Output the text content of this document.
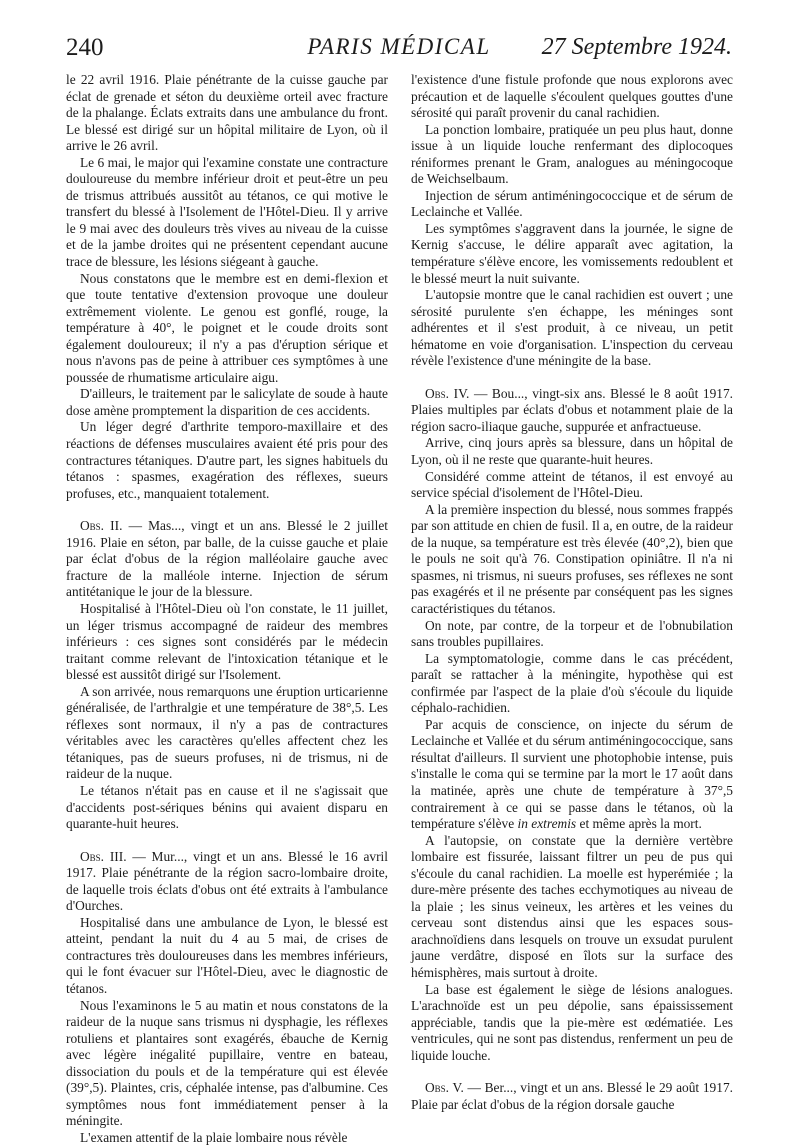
240	PARIS MÉDICAL	27 Septembre 1924.

le 22 avril 1916. Plaie pénétrante de la cuisse gauche par éclat de grenade et séton du deuxième orteil avec fracture de la phalange. Éclats extraits dans une ambulance du front. Le blessé est dirigé sur un hôpital militaire de Lyon, où il arrive le 26 avril.

Le 6 mai, le major qui l'examine constate une contracture douloureuse du membre inférieur droit et peut-être un peu de trismus attribués aussitôt au tétanos, ce qui motive le transfert du blessé à l'Isolement de l'Hôtel-Dieu. Il y arrive le 9 mai avec des douleurs très vives au niveau de la cuisse et de la jambe droites qui ne présentent cependant aucune trace de blessure, les lésions siégeant à gauche.

Nous constatons que le membre est en demi-flexion et que toute tentative d'extension provoque une douleur extrêmement violente. Le genou est gonflé, rouge, la température à 40°, le poignet et le coude droits sont également douloureux; il n'y a pas d'éruption sérique et nous n'avons pas de peine à attribuer ces symptômes à une poussée de rhumatisme articulaire aigu.

D'ailleurs, le traitement par le salicylate de soude à haute dose amène promptement la disparition de ces accidents.

Un léger degré d'arthrite temporo-maxillaire et des réactions de défenses musculaires avaient été pris pour des contractures tétaniques. D'autre part, les signes habituels du tétanos : spasmes, exagération des réflexes, sueurs profuses, etc., manquaient totalement.

Obs. II. — Mas..., vingt et un ans. Blessé le 2 juillet 1916. Plaie en séton, par balle, de la cuisse gauche et plaie par éclat d'obus de la région malléolaire gauche avec fracture de la malléole interne. Injection de sérum antitétanique le jour de la blessure.

Hospitalisé à l'Hôtel-Dieu où l'on constate, le 11 juillet, un léger trismus accompagné de raideur des membres inférieurs : ces signes sont considérés par le médecin traitant comme relevant de l'intoxication tétanique et le blessé est aussitôt dirigé sur l'Isolement.

A son arrivée, nous remarquons une éruption urticarienne généralisée, de l'arthralgie et une température de 38°,5. Les réflexes sont normaux, il n'y a pas de contractures véritables avec les caractères qu'elles affectent chez les tétaniques, pas de sueurs profuses, ni de trismus, ni de raideur de la nuque.

Le tétanos n'était pas en cause et il ne s'agissait que d'accidents post-sériques bénins qui avaient disparu en quarante-huit heures.

Obs. III. — Mur..., vingt et un ans. Blessé le 16 avril 1917. Plaie pénétrante de la région sacro-lombaire droite, de laquelle trois éclats d'obus ont été extraits à l'ambulance d'Ourches.

Hospitalisé dans une ambulance de Lyon, le blessé est atteint, pendant la nuit du 4 au 5 mai, de crises de contractures très douloureuses dans les membres inférieurs, qui le font évacuer sur l'Hôtel-Dieu, avec le diagnostic de tétanos.

Nous l'examinons le 5 au matin et nous constatons de la raideur de la nuque sans trismus ni dysphagie, les réflexes rotuliens et plantaires sont exagérés, ébauche de Kernig avec légère inégalité pupillaire, ventre en bateau, dissociation du pouls et de la température qui est élevée (39°,5). Plaintes, cris, céphalée intense, pas d'albumine. Ces symptômes nous font immédiatement penser à la méningite.

L'examen attentif de la plaie lombaire nous révèle

l'existence d'une fistule profonde que nous explorons avec précaution et de laquelle s'écoulent quelques gouttes d'une sérosité qui paraît provenir du canal rachidien.

La ponction lombaire, pratiquée un peu plus haut, donne issue à un liquide louche renfermant des diplocoques réniformes prenant le Gram, analogues au méningocoque de Weichselbaum.

Injection de sérum antiméningococcique et de sérum de Leclainche et Vallée.

Les symptômes s'aggravent dans la journée, le signe de Kernig s'accuse, le délire apparaît avec agitation, la température s'élève encore, les vomissements redoublent et le blessé meurt la nuit suivante.

L'autopsie montre que le canal rachidien est ouvert ; une sérosité purulente s'en échappe, les méninges sont adhérentes et il s'est produit, à ce niveau, un petit hématome en voie d'organisation. L'inspection du cerveau révèle l'existence d'une méningite de la base.

Obs. IV. — Bou..., vingt-six ans. Blessé le 8 août 1917. Plaies multiples par éclats d'obus et notamment plaie de la région sacro-iliaque gauche, suppurée et anfractueuse.

Arrive, cinq jours après sa blessure, dans un hôpital de Lyon, où il ne reste que quarante-huit heures.

Considéré comme atteint de tétanos, il est envoyé au service spécial d'isolement de l'Hôtel-Dieu.

A la première inspection du blessé, nous sommes frappés par son attitude en chien de fusil. Il a, en outre, de la raideur de la nuque, sa température est très élevée (40°,2), bien que le pouls ne soit qu'à 76. Constipation opiniâtre. Il n'a ni spasmes, ni trismus, ni sueurs profuses, ses réflexes ne sont pas exagérés et il ne présente par conséquent pas les signes caractéristiques du tétanos.

On note, par contre, de la torpeur et de l'obnubilation sans troubles pupillaires.

La symptomatologie, comme dans le cas précédent, paraît se rattacher à la méningite, hypothèse qui est confirmée par l'aspect de la plaie d'où s'écoule du liquide céphalo-rachidien.

Par acquis de conscience, on injecte du sérum de Leclainche et Vallée et du sérum antiméningococcique, sans résultat d'ailleurs. Il survient une photophobie intense, puis s'installe le coma qui se termine par la mort le 17 août dans la matinée, après une chute de température à 37°,5 contrairement à ce qui se passe dans le tétanos, où la température s'élève in extremis et même après la mort.

A l'autopsie, on constate que la dernière vertèbre lombaire est fissurée, laissant filtrer un peu de pus qui s'écoule du canal rachidien. La moelle est hyperémiée ; la dure-mère présente des taches ecchymotiques au niveau de la plaie ; les sinus veineux, les artères et les veines du cerveau sont distendus ainsi que les espaces sous-arachnoïdiens dans lesquels on trouve un exsudat purulent jaune verdâtre, disposé en îlots sur la surface des hémisphères, mais surtout à droite.

La base est également le siège de lésions analogues. L'arachnoïde est un peu dépolie, sans épaississement appréciable, tandis que la pie-mère est œdématiée. Les ventricules, qui ne sont pas distendus, renferment un peu de liquide louche.

Obs. V. — Ber..., vingt et un ans. Blessé le 29 août 1917. Plaie par éclat d'obus de la région dorsale gauche
